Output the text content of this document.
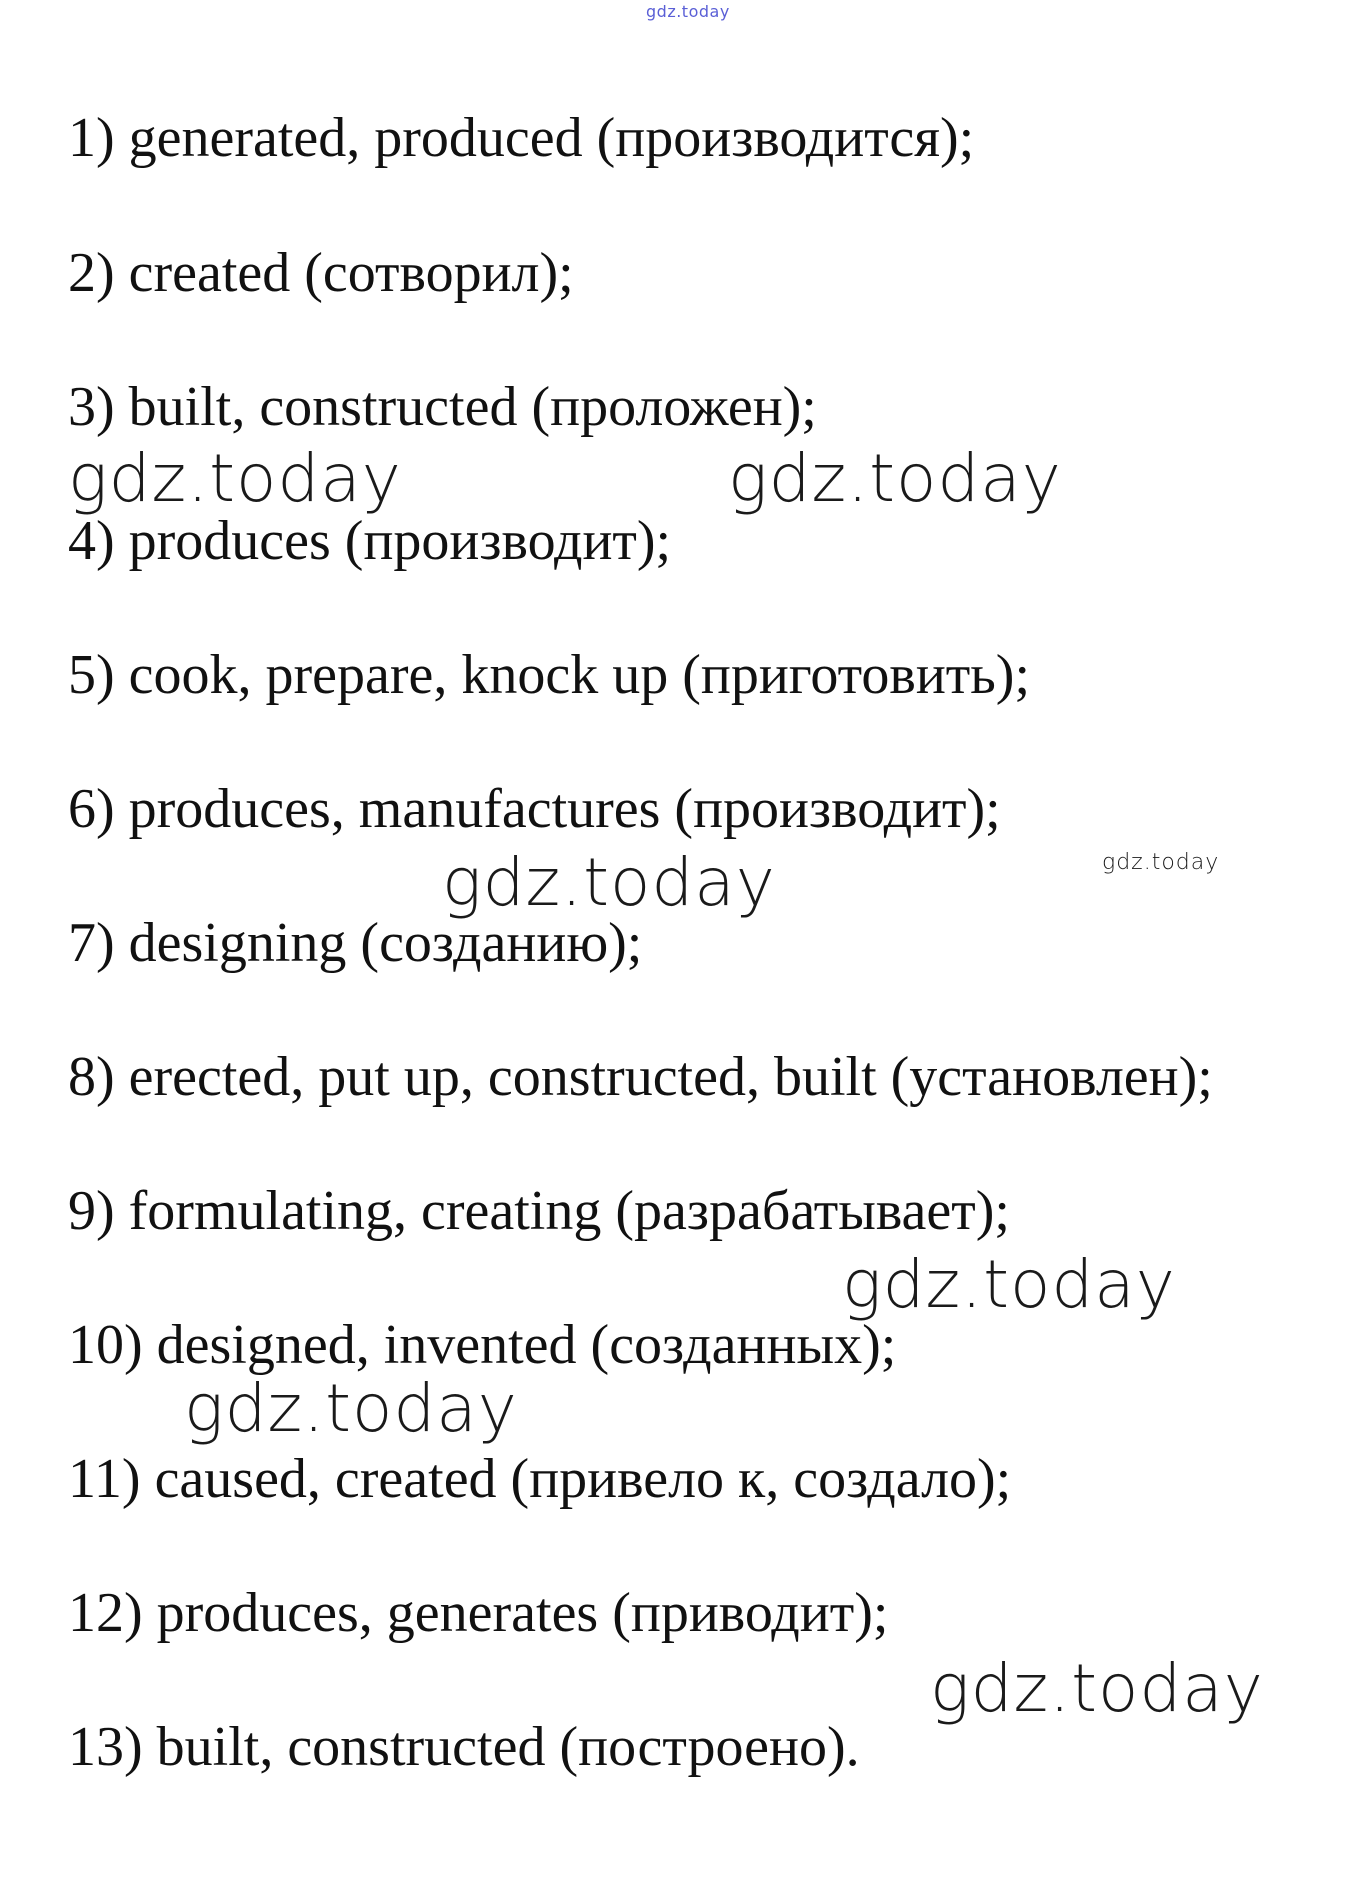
gdz.today
1) generated, produced (производится);
2) created (сотворил);
3) built, constructed (проложен);
4) produces (производит);
5) cook, prepare, knock up (приготовить);
6) produces, manufactures (производит);
7) designing (созданию);
8) erected, put up, constructed, built (установлен);
9) formulating, creating (разрабатывает);
10) designed, invented (созданных);
11) caused, created (привело к, создало);
12) produces, generates (приводит);
13) built, constructed (построено).
gdz.today	gdz.today
gdz.today	gdz.today
gdz.today
gdz.today
gdz.today
